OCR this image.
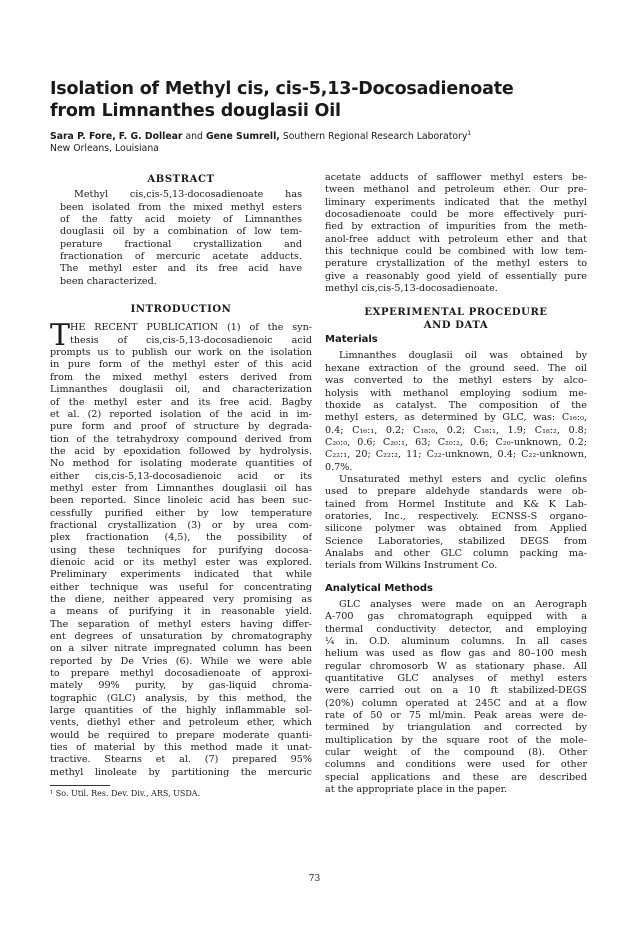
Isolation of Methyl cis, cis-5,13-Docosadienoate
from Limnanthes douglasii Oil
Sara P. Fore, F. G. Dollear and Gene Sumrell, Southern Regional Research Laboratory$^1$
New Orleans, Louisiana
ABSTRACT
Methyl cis,cis-5,13-docosadienoate has
been isolated from the mixed methyl esters
of the fatty acid moiety of Limnanthes
douglasii oil by a combination of low tem-
perature fractional crystallization and
fractionation of mercuric acetate adducts.
The methyl ester and its free acid have
been characterized.
INTRODUCTION
T HE RECENT PUBLICATION (1) of the syn-
thesis of cis,cis-5,13-docosadienoic acid
prompts us to publish our work on the isolation
in pure form of the methyl ester of this acid
from the mixed methyl esters derived from
Limnanthes douglasii oil, and characterization
of the methyl ester and its free acid. Bagby
et al. (2) reported isolation of the acid in im-
pure form and proof of structure by degrada-
tion of the tetrahydroxy compound derived from
the acid by epoxidation followed by hydrolysis.
No method for isolating moderate quantities of
either cis,cis-5,13-docosadienoic acid or its
methyl ester from Limnanthes douglasii oil has
been reported. Since linoleic acid has been suc-
cessfully purified either by low temperature
fractional crystallization (3) or by urea com-
plex fractionation (4,5), the possibility of
using these techniques for purifying docosa-
dienoic acid or its methyl ester was explored.
Preliminary experiments indicated that while
either technique was useful for concentrating
the diene, neither appeared very promising as
a means of purifying it in reasonable yield.
The separation of methyl esters having differ-
ent degrees of unsaturation by chromatography
on a silver nitrate impregnated column has been
reported by De Vries (6). While we were able
to prepare methyl docosadienoate of approxi-
mately 99% purity, by gas-liquid chroma-
tographic (GLC) analysis, by this method, the
large quantities of the highly inflammable sol-
vents, diethyl ether and petroleum ether, which
would be required to prepare moderate quanti-
ties of material by this method made it unat-
tractive. Stearns et al. (7) prepared 95%
methyl linoleate by partitioning the mercuric
¹ So. Util. Res. Dev. Div., ARS, USDA.
acetate adducts of safflower methyl esters be-
tween methanol and petroleum ether. Our pre-
liminary experiments indicated that the methyl
docosadienoate could be more effectively puri-
fied by extraction of impurities from the meth-
anol-free adduct with petroleum ether and that
this technique could be combined with low tem-
perature crystallization of the methyl esters to
give a reasonably good yield of essentially pure
methyl cis,cis-5,13-docosadienoate.
EXPERIMENTAL PROCEDURE
AND DATA
Materials
Limnanthes douglasii oil was obtained by
hexane extraction of the ground seed. The oil
was converted to the methyl esters by alco-
holysis with methanol employing sodium me-
thoxide as catalyst. The composition of the
methyl esters, as determined by GLC, was: C₁₆:₀,
0.4; C₁₆:₁, 0.2; C₁₈:₀, 0.2; C₁₈:₁, 1.9; C₁₈:₂, 0.8;
C₂₀:₀, 0.6; C₂₀:₁, 63; C₂₀:₂, 0.6; C₂₀-unknown, 0.2;
C₂₂:₁, 20; C₂₂:₂, 11; C₂₂-unknown, 0.4; C₂₂-unknown,
0.7%.
Unsaturated methyl esters and cyclic olefins
used to prepare aldehyde standards were ob-
tained from Hormel Institute and K& K Lab-
oratories, Inc., respectively. ECNSS-S organo-
silicone polymer was obtained from Applied
Science Laboratories, stabilized DEGS from
Analabs and other GLC column packing ma-
terials from Wilkins Instrument Co.
Analytical Methods
GLC analyses were made on an Aerograph
A-700 gas chromatograph equipped with a
thermal conductivity detector, and employing
¼ in. O.D. aluminum columns. In all cases
helium was used as flow gas and 80–100 mesh
regular chromosorb W as stationary phase. All
quantitative GLC analyses of methyl esters
were carried out on a 10 ft stabilized-DEGS
(20%) column operated at 245C and at a flow
rate of 50 or 75 ml/min. Peak areas were de-
termined by triangulation and corrected by
multiplication by the square root of the mole-
cular weight of the compound (8). Other
columns and conditions were used for other
special applications and these are described
at the appropriate place in the paper.
73
